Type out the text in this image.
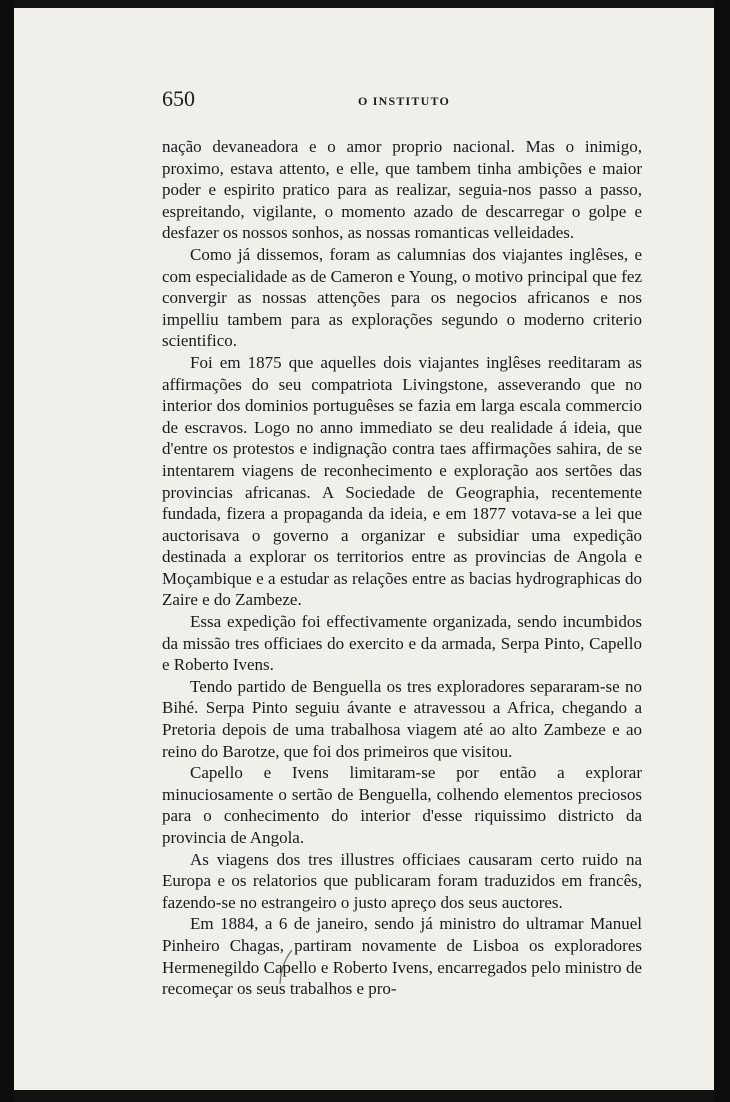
650	O INSTITUTO

nação devaneadora e o amor proprio nacional. Mas o inimigo, proximo, estava attento, e elle, que tambem tinha ambições e maior poder e espirito pratico para as realizar, seguia-nos passo a passo, espreitando, vigilante, o momento azado de descarregar o golpe e desfazer os nossos sonhos, as nossas romanticas velleidades.

Como já dissemos, foram as calumnias dos viajantes inglêses, e com especialidade as de Cameron e Young, o motivo principal que fez convergir as nossas attenções para os negocios africanos e nos impelliu tambem para as explorações segundo o moderno criterio scientifico.

Foi em 1875 que aquelles dois viajantes inglêses reeditaram as affirmações do seu compatriota Livingstone, asseverando que no interior dos dominios portuguêses se fazia em larga escala commercio de escravos. Logo no anno immediato se deu realidade á ideia, que d'entre os protestos e indignação contra taes affirmações sahira, de se intentarem viagens de reconhecimento e exploração aos sertões das provincias africanas. A Sociedade de Geographia, recentemente fundada, fizera a propaganda da ideia, e em 1877 votava-se a lei que auctorisava o governo a organizar e subsidiar uma expedição destinada a explorar os territorios entre as provincias de Angola e Moçambique e a estudar as relações entre as bacias hydrographicas do Zaire e do Zambeze.

Essa expedição foi effectivamente organizada, sendo incumbidos da missão tres officiaes do exercito e da armada, Serpa Pinto, Capello e Roberto Ivens.

Tendo partido de Benguella os tres exploradores separaram-se no Bihé. Serpa Pinto seguiu ávante e atravessou a Africa, chegando a Pretoria depois de uma trabalhosa viagem até ao alto Zambeze e ao reino do Barotze, que foi dos primeiros que visitou.

Capello e Ivens limitaram-se por então a explorar minuciosamente o sertão de Benguella, colhendo elementos preciosos para o conhecimento do interior d'esse riquissimo districto da provincia de Angola.

As viagens dos tres illustres officiaes causaram certo ruido na Europa e os relatorios que publicaram foram traduzidos em francês, fazendo-se no estrangeiro o justo apreço dos seus auctores.

Em 1884, a 6 de janeiro, sendo já ministro do ultramar Manuel Pinheiro Chagas, partiram novamente de Lisboa os exploradores Hermenegildo Capello e Roberto Ivens, encarregados pelo ministro de recomeçar os seus trabalhos e pro-
